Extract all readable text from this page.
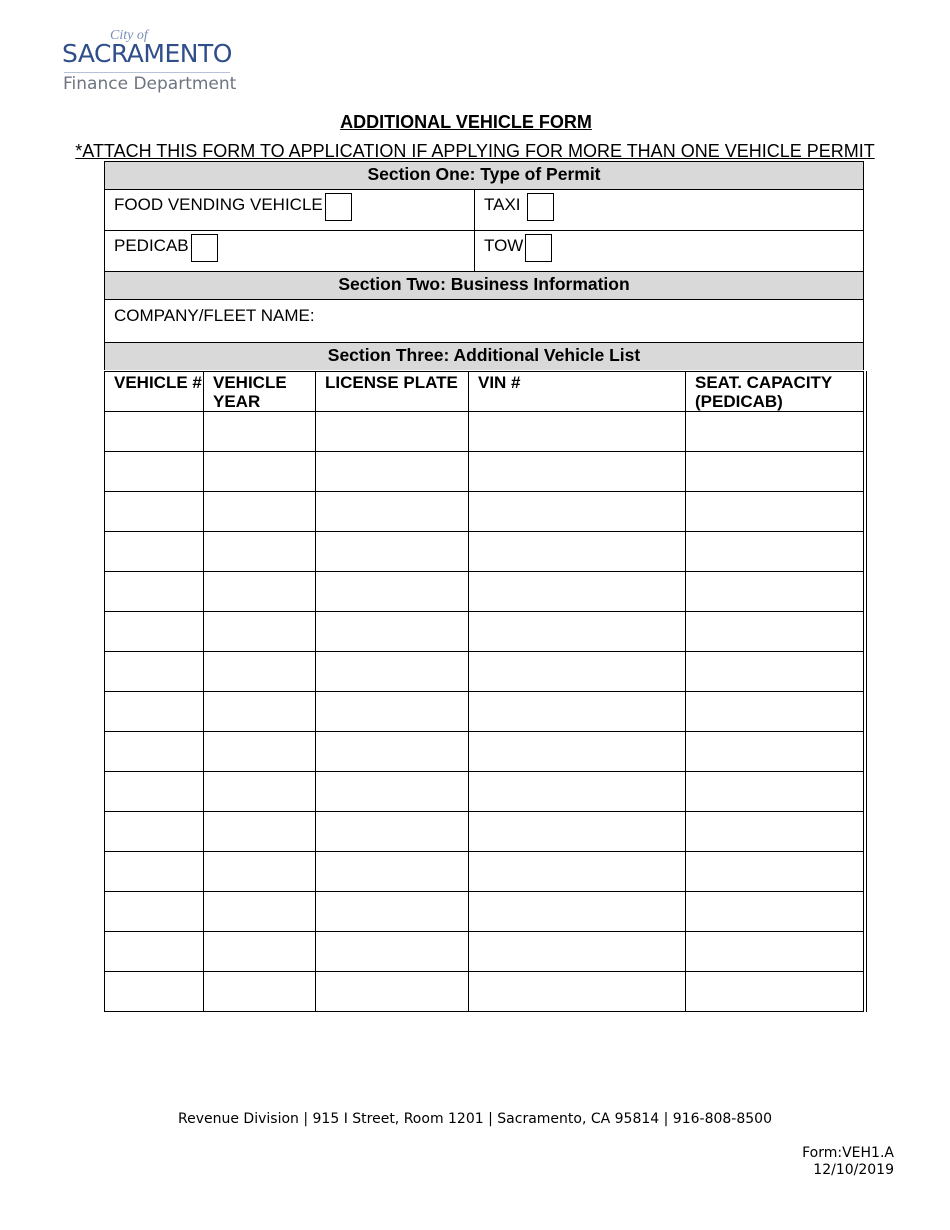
City of
SACRAMENTO
Finance Department
ADDITIONAL VEHICLE FORM
*ATTACH THIS FORM TO APPLICATION IF APPLYING FOR MORE THAN ONE VEHICLE PERMIT
Section One: Type of Permit
FOOD VENDING VEHICLE	TAXI
PEDICAB	TOW
Section Two: Business Information
COMPANY/FLEET NAME:
Section Three: Additional Vehicle List
VEHICLE #	VEHICLE YEAR	LICENSE PLATE	VIN #	SEAT. CAPACITY (PEDICAB)

Revenue Division | 915 I Street, Room 1201 | Sacramento, CA 95814 | 916-808-8500
Form:VEH1.A
12/10/2019
